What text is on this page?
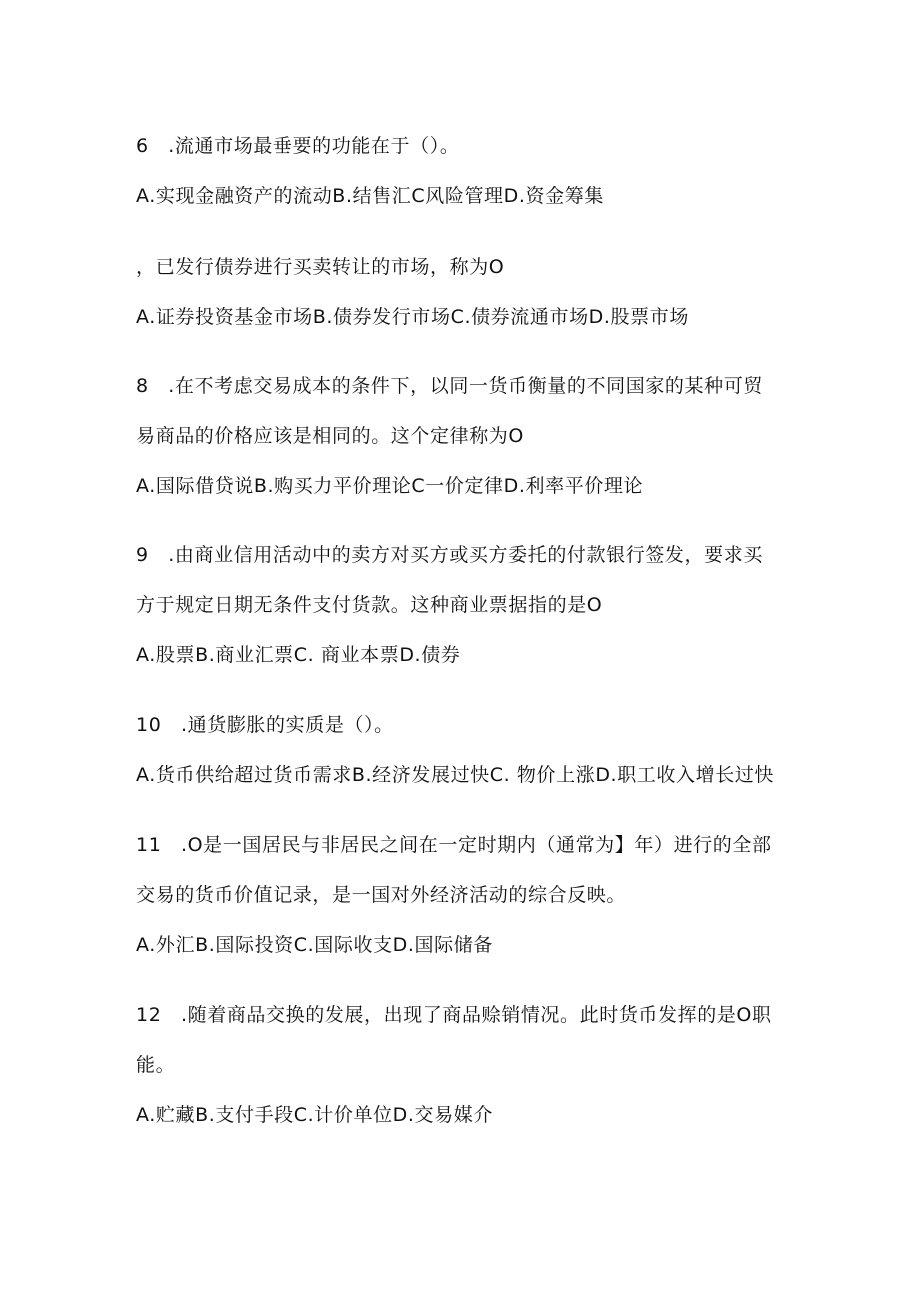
6　.流通市场最垂要的功能在于（）。
A.实现金融资产的流动B.结售汇C风险管理D.资金筹集
，已发行债券进行买卖转让的市场，称为O
A.证券投资基金市场B.债券发行市场C.债券流通市场D.股票市场
8　.在不考虑交易成本的条件下，以同一货币衡量的不同国家的某种可贸
易商品的价格应该是相同的。这个定律称为O
A.国际借贷说B.购买力平价理论C一价定律D.利率平价理论
9　.由商业信用活动中的卖方对买方或买方委托的付款银行签发，要求买
方于规定日期无条件支付货款。这种商业票据指的是O
A.股票B.商业汇票C. 商业本票D.债券
10　.通货膨胀的实质是（）。
A.货币供给超过货币需求B.经济发展过快C. 物价上涨D.职工收入增长过快
11　.O是一国居民与非居民之间在一定时期内（通常为】年）进行的全部
交易的货币价值记录，是一国对外经济活动的综合反映。
A.外汇B.国际投资C.国际收支D.国际储备
12　.随着商品交换的发展，出现了商品赊销情况。此时货币发挥的是O职
能。
A.贮藏B.支付手段C.计价单位D.交易媒介
